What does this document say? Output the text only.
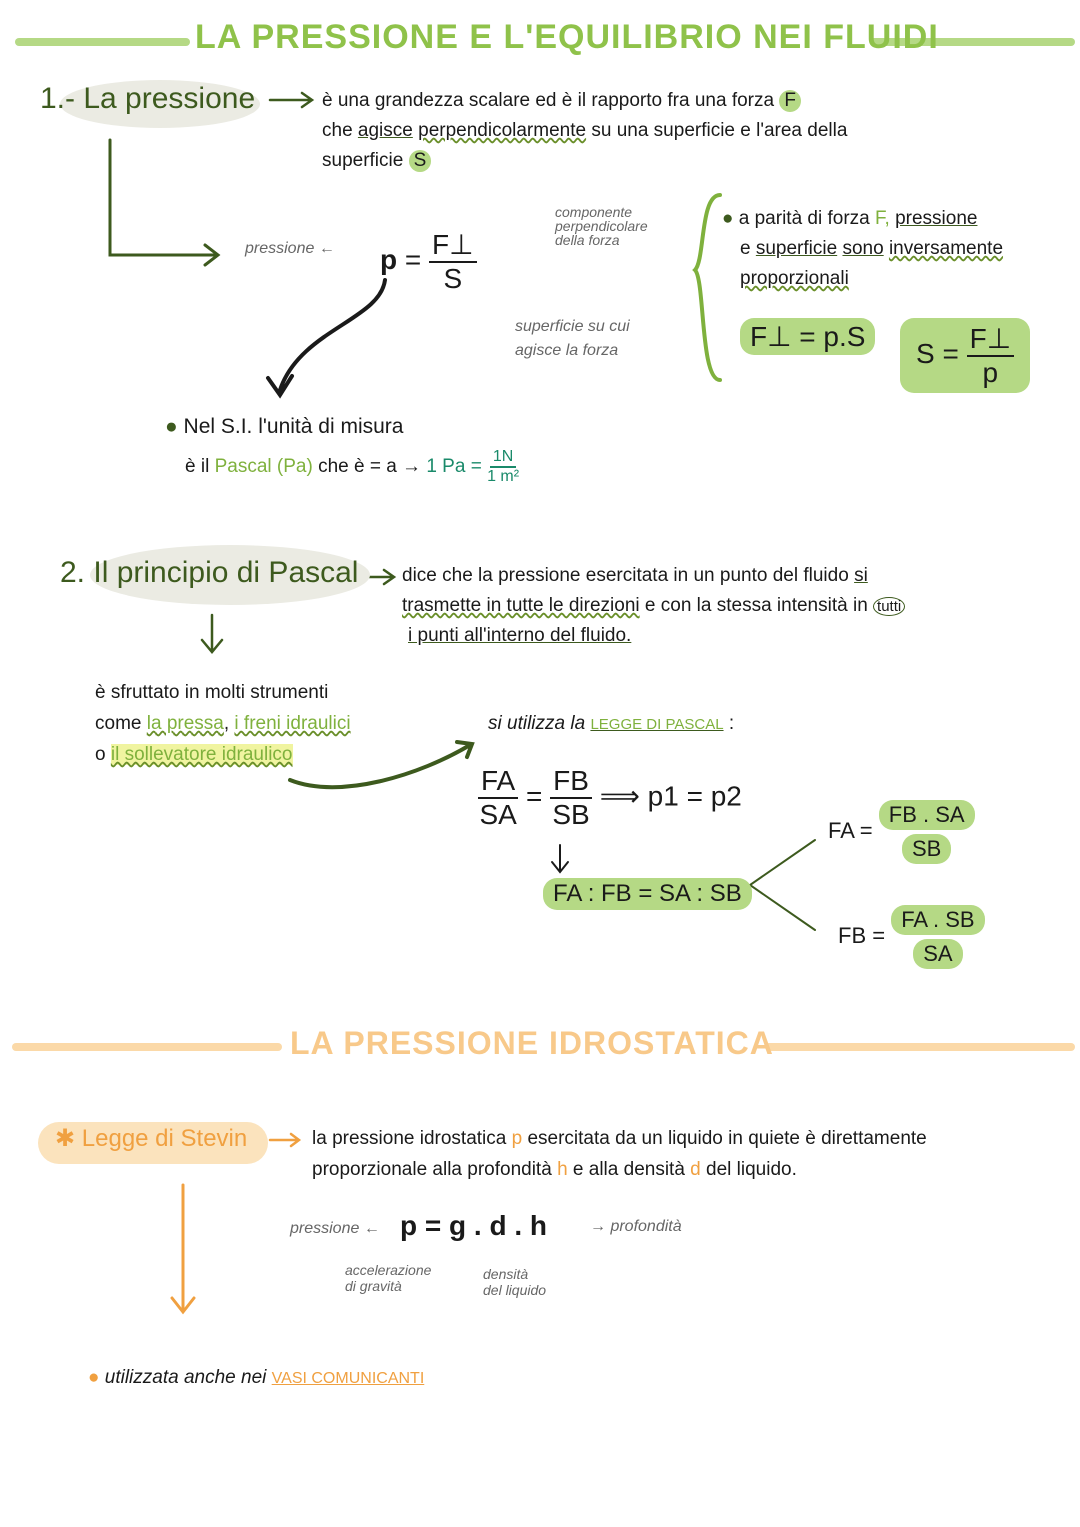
LA PRESSIONE E L'EQUILIBRIO NEI FLUIDI
1.- La pressione	è una grandezza scalare ed è il rapporto fra una forza F
che agisce perpendicolarmente su una superficie e l'area della
superficie S
pressione ← $p = \frac{F\perp}{S}$
componente
perpendicolare
della forza
superficie su cui
agisce la forza
● a parità di forza F, pressione
e superficie sono inversamente
proporzionali
F⊥ = p.S
$S = \frac{F\perp}{p}$
● Nel S.I. l'unità di misura
è il Pascal (Pa) che è = a → 1 $Pa = \frac{1N}{\text{1 m²}}$
2. Il principio di Pascal dice che la pressione esercitata in un punto del fluido si
trasmette in tutte le direzioni e con la stessa intensità in tutti
i punti all'interno del fluido.
è sfruttato in molti strumenti
come la pressa, i freni idraulici
o il sollevatore idraulico
si utilizza la LEGGE DI PASCAL :
$\frac{FA}{SA} = \frac{FB}{SB}$ ⟹ p1 = p2
FA : FB = SA : SB
FA =
FB . SA
SB
FB =
FA . SB
SA
LA PRESSIONE IDROSTATICA
✱ Legge di Stevin	la pressione idrostatica p esercitata da un liquido in quiete è direttamente
proporzionale alla profondità h e alla densità d del liquido.
pressione ← p = g . d . h	→ profondità
accelerazione
di gravità
densità
del liquido
● utilizzata anche nei VASI COMUNICANTI
